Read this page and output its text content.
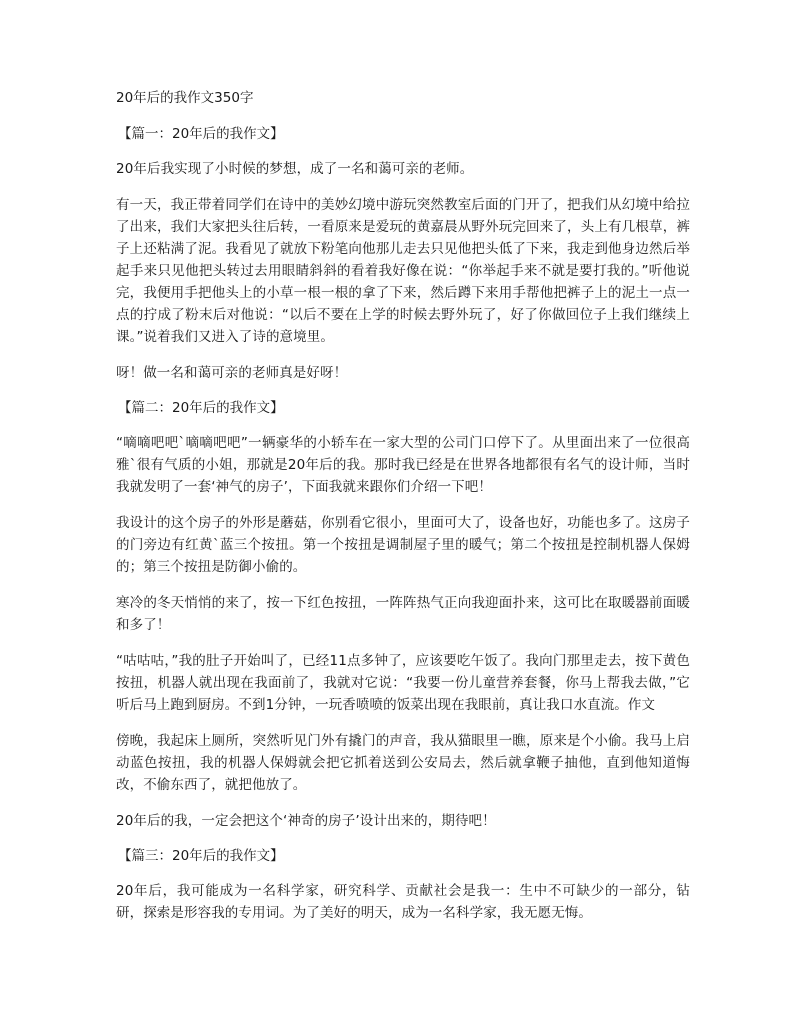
20年后的我作文350字
【篇一：20年后的我作文】

20年后我实现了小时候的梦想，成了一名和蔼可亲的老师。

有一天，我正带着同学们在诗中的美妙幻境中游玩突然教室后面的门开了，把我们从幻境中给拉了出来，我们大家把头往后转，一看原来是爱玩的黄嘉晨从野外玩完回来了，头上有几根草，裤子上还粘满了泥。我看见了就放下粉笔向他那儿走去只见他把头低了下来，我走到他身边然后举起手来只见他把头转过去用眼睛斜斜的看着我好像在说：“你举起手来不就是要打我的。”听他说完，我便用手把他头上的小草一根一根的拿了下来，然后蹲下来用手帮他把裤子上的泥土一点一点的拧成了粉末后对他说：“以后不要在上学的时候去野外玩了，好了你做回位子上我们继续上课。”说着我们又进入了诗的意境里。

呀！做一名和蔼可亲的老师真是好呀！

【篇二：20年后的我作文】

“嘀嘀吧吧`嘀嘀吧吧”一辆豪华的小轿车在一家大型的公司门口停下了。从里面出来了一位很高雅`很有气质的小姐，那就是20年后的我。那时我已经是在世界各地都很有名气的设计师，当时我就发明了一套‘神气的房子’，下面我就来跟你们介绍一下吧！

我设计的这个房子的外形是蘑菇，你别看它很小，里面可大了，设备也好，功能也多了。这房子的门旁边有红黄`蓝三个按扭。第一个按扭是调制屋子里的暖气；第二个按扭是控制机器人保姆的；第三个按扭是防御小偷的。

寒冷的冬天悄悄的来了，按一下红色按扭，一阵阵热气正向我迎面扑来，这可比在取暖器前面暖和多了！

“咕咕咕，”我的肚子开始叫了，已经11点多钟了，应该要吃午饭了。我向门那里走去，按下黄色按扭，机器人就出现在我面前了，我就对它说：“我要一份儿童营养套餐，你马上帮我去做，”它听后马上跑到厨房。不到1分钟，一玩香喷喷的饭菜出现在我眼前，真让我口水直流。作文

傍晚，我起床上厕所，突然听见门外有撬门的声音，我从猫眼里一瞧，原来是个小偷。我马上启动蓝色按扭，我的机器人保姆就会把它抓着送到公安局去，然后就拿鞭子抽他，直到他知道悔改，不偷东西了，就把他放了。

20年后的我，一定会把这个‘神奇的房子’设计出来的，期待吧！

【篇三：20年后的我作文】

20年后，我可能成为一名科学家，研究科学、贡献社会是我一：生中不可缺少的一部分，钻研，探索是形容我的专用词。为了美好的明天，成为一名科学家，我无愿无悔。
